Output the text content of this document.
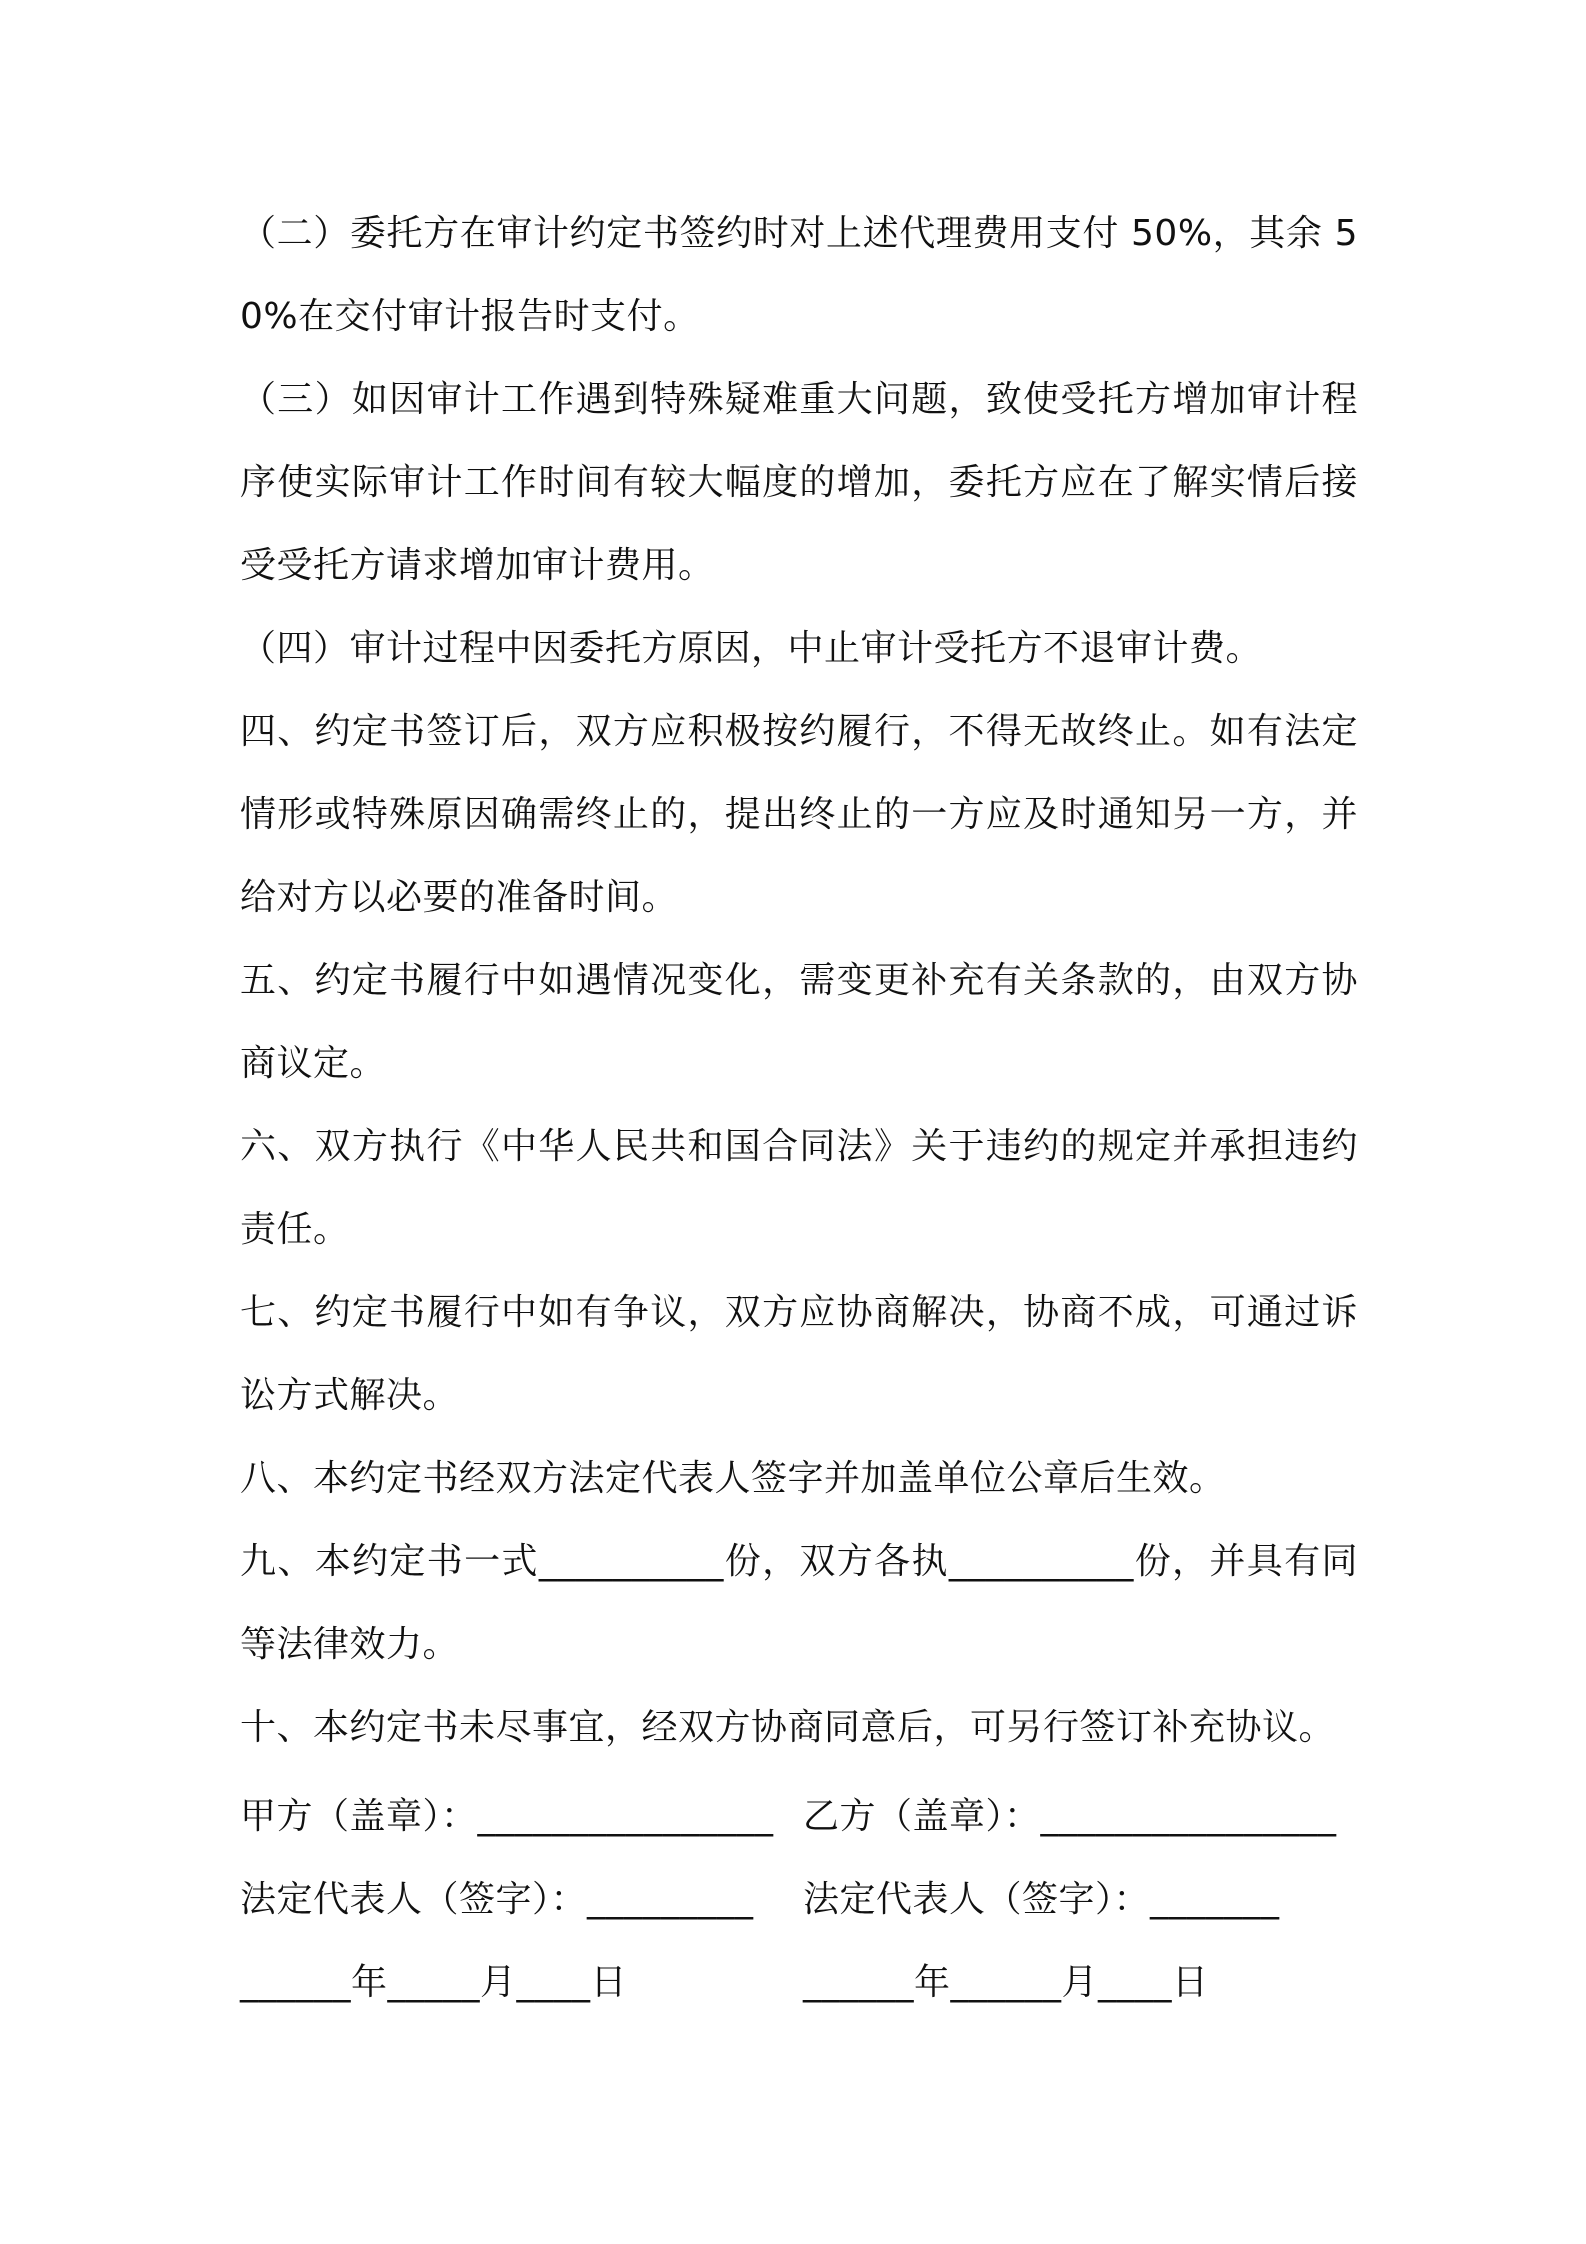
（二）委托方在审计约定书签约时对上述代理费用支付 50%，其余 50%在交付审计报告时支付。

（三）如因审计工作遇到特殊疑难重大问题，致使受托方增加审计程序使实际审计工作时间有较大幅度的增加，委托方应在了解实情后接受受托方请求增加审计费用。

（四）审计过程中因委托方原因，中止审计受托方不退审计费。

四、约定书签订后，双方应积极按约履行，不得无故终止。如有法定情形或特殊原因确需终止的，提出终止的一方应及时通知另一方，并给对方以必要的准备时间。

五、约定书履行中如遇情况变化，需变更补充有关条款的，由双方协商议定。

六、双方执行《中华人民共和国合同法》关于违约的规定并承担违约责任。

七、约定书履行中如有争议，双方应协商解决，协商不成，可通过诉讼方式解决。

八、本约定书经双方法定代表人签字并加盖单位公章后生效。

九、本约定书一式__________份，双方各执__________份，并具有同等法律效力。

十、本约定书未尽事宜，经双方协商同意后，可另行签订补充协议。

甲方（盖章）：________________ 乙方（盖章）：________________
法定代表人（签字）：_________	法定代表人（签字）：_______
______年_____月____日	______年______月____日
